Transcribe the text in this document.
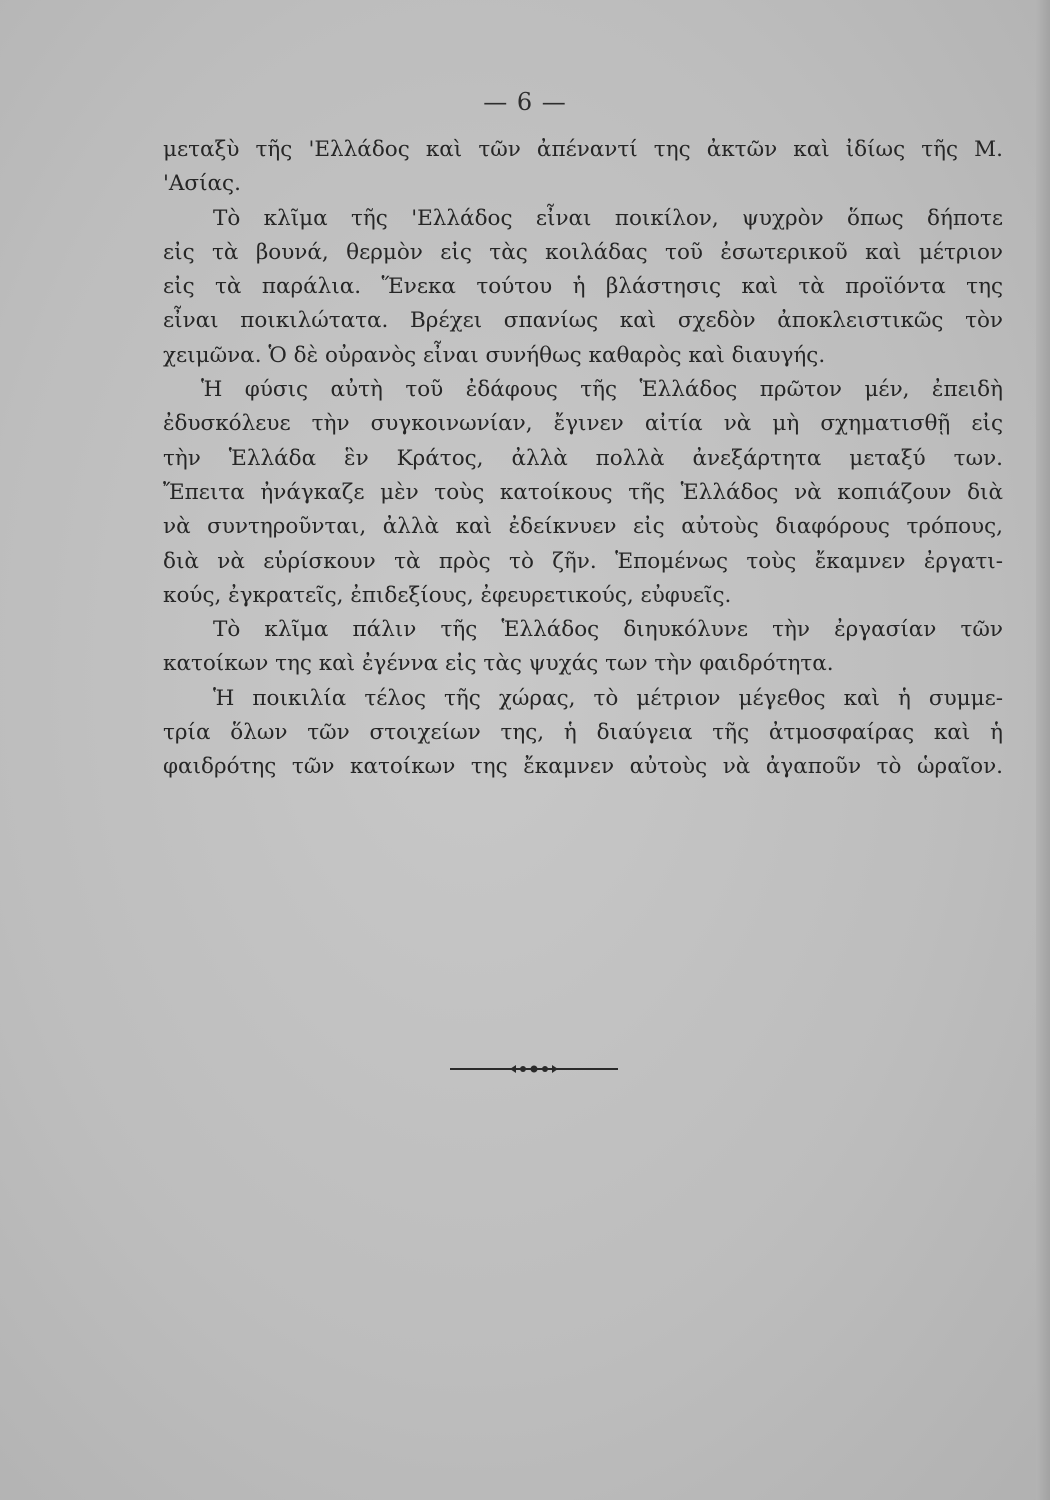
— 6 —
μεταξὺ τῆς 'Ελλάδος καὶ τῶν ἀπέναντί της ἀκτῶν καὶ ἰδίως τῆς Μ.
'Ασίας.
Τὸ κλῖμα τῆς 'Ελλάδος εἶναι ποικίλον, ψυχρὸν ὅπως δήποτε
εἰς τὰ βουνά, θερμὸν εἰς τὰς κοιλάδας τοῦ ἐσωτερικοῦ καὶ μέτριον
εἰς τὰ παράλια. Ἕνεκα τούτου ἡ βλάστησις καὶ τὰ προϊόντα της
εἶναι ποικιλώτατα. Βρέχει σπανίως καὶ σχεδὸν ἀποκλειστικῶς τὸν
χειμῶνα. Ὁ δὲ οὐρανὸς εἶναι συνήθως καθαρὸς καὶ διαυγής.
Ἡ φύσις αὐτὴ τοῦ ἐδάφους τῆς Ἑλλάδος πρῶτον μέν, ἐπειδὴ
ἐδυσκόλευε τὴν συγκοινωνίαν, ἔγινεν αἰτία νὰ μὴ σχηματισθῇ εἰς
τὴν Ἑλλάδα ἓν Κράτος, ἀλλὰ πολλὰ ἀνεξάρτητα μεταξύ των.
Ἔπειτα ἠνάγκαζε μὲν τοὺς κατοίκους τῆς Ἑλλάδος νὰ κοπιάζουν διὰ
νὰ συντηροῦνται, ἀλλὰ καὶ ἐδείκνυεν εἰς αὐτοὺς διαφόρους τρόπους,
διὰ νὰ εὑρίσκουν τὰ πρὸς τὸ ζῆν. Ἑπομένως τοὺς ἔκαμνεν ἐργατι-
κούς, ἐγκρατεῖς, ἐπιδεξίους, ἐφευρετικούς, εὐφυεῖς.
Τὸ κλῖμα πάλιν τῆς Ἑλλάδος διηυκόλυνε τὴν ἐργασίαν τῶν
κατοίκων της καὶ ἐγέννα εἰς τὰς ψυχάς των τὴν φαιδρότητα.
Ἡ ποικιλία τέλος τῆς χώρας, τὸ μέτριον μέγεθος καὶ ἡ συμμε-
τρία ὅλων τῶν στοιχείων της, ἡ διαύγεια τῆς ἀτμοσφαίρας καὶ ἡ
φαιδρότης τῶν κατοίκων της ἔκαμνεν αὐτοὺς νὰ ἀγαποῦν τὸ ὡραῖον.
